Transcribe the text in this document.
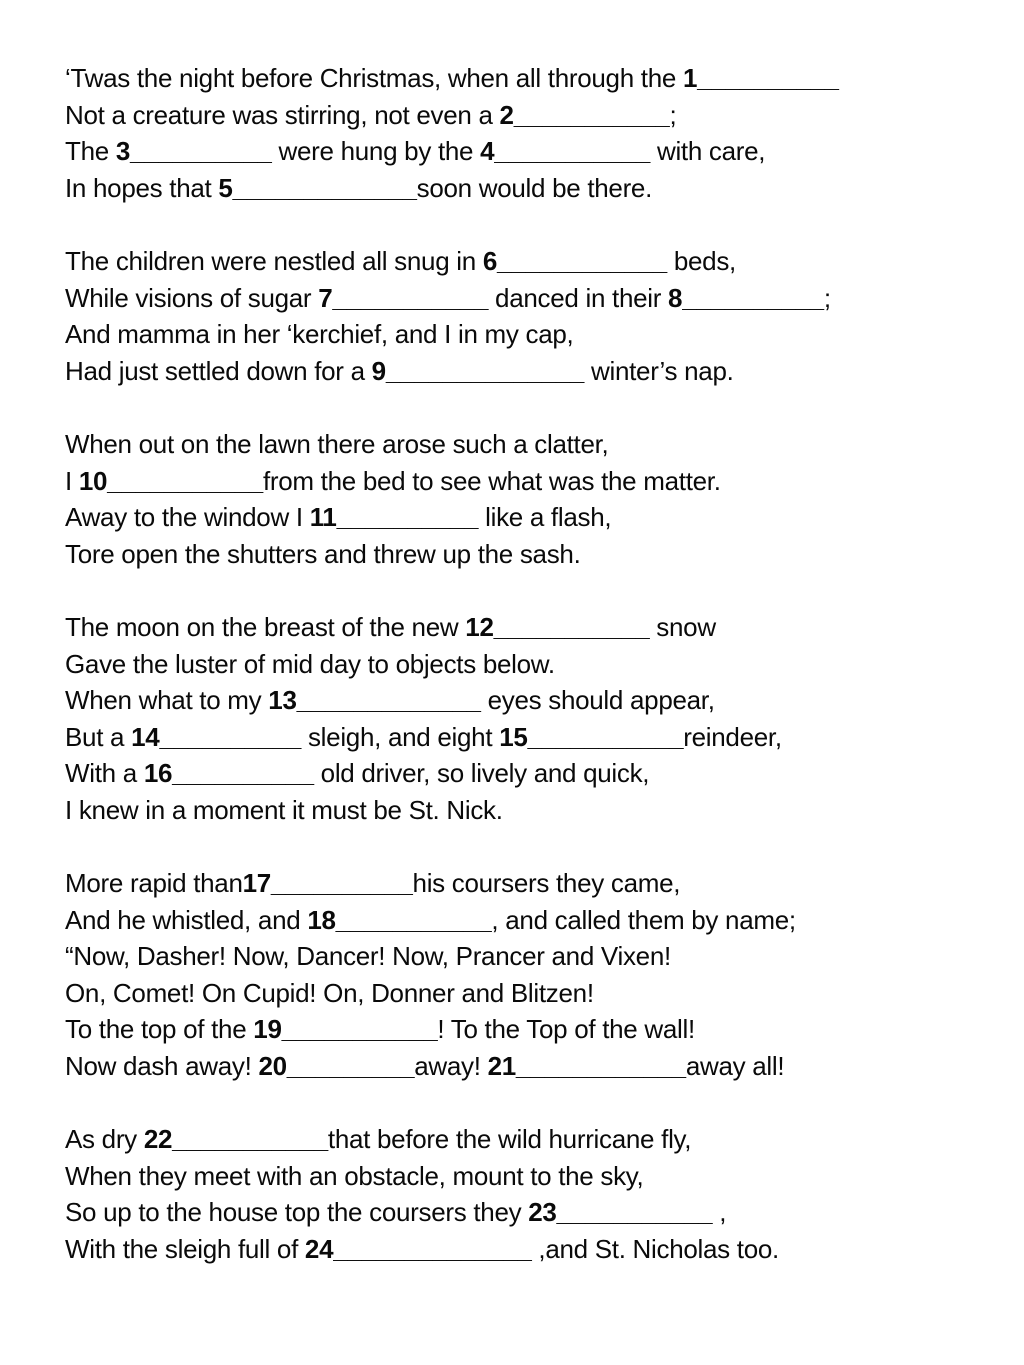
‘Twas the night before Christmas, when all through the 1__________
Not a creature was stirring, not even a 2___________;
The 3__________ were hung by the 4___________ with care,
In hopes that 5_____________soon would be there.
The children were nestled all snug in 6____________ beds,
While visions of sugar 7___________ danced in their 8__________;
And mamma in her ‘kerchief, and I in my cap,
Had just settled down for a 9______________ winter’s nap.
When out on the lawn there arose such a clatter,
I 10___________from the bed to see what was the matter.
Away to the window I 11__________ like a flash,
Tore open the shutters and threw up the sash.
The moon on the breast of the new 12___________ snow
Gave the luster of mid day to objects below.
When what to my 13_____________ eyes should appear,
But a 14__________ sleigh, and eight 15___________reindeer,
With a 16__________ old driver, so lively and quick,
I knew in a moment it must be St. Nick.
More rapid than17__________his coursers they came,
And he whistled, and 18___________, and called them by name;
“Now, Dasher! Now, Dancer! Now, Prancer and Vixen!
On, Comet! On Cupid! On, Donner and Blitzen!
To the top of the 19___________! To the Top of the wall!
Now dash away! 20_________away! 21____________away all!
As dry 22___________that before the wild hurricane fly,
When they meet with an obstacle, mount to the sky,
So up to the house top the coursers they 23___________ ,
With the sleigh full of 24______________ ,and St. Nicholas too.
